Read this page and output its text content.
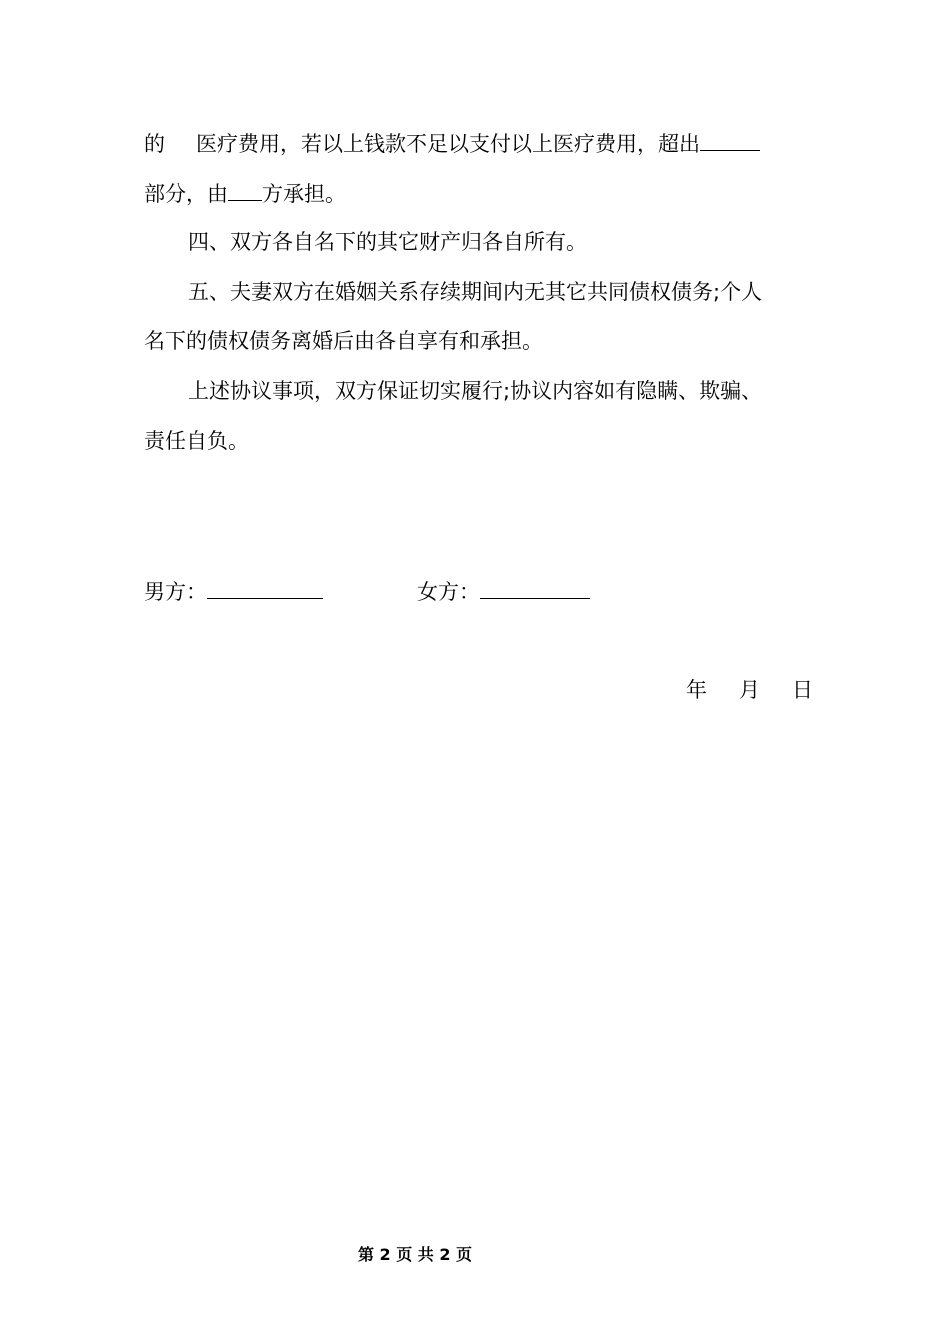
的 医疗费用，若以上钱款不足以支付以上医疗费用，超出
部分，由 方承担。
四、双方各自名下的其它财产归各自所有。
五、夫妻双方在婚姻关系存续期间内无其它共同债权债务;个人
名下的债权债务离婚后由各自享有和承担。
上述协议事项，双方保证切实履行;协议内容如有隐瞒、欺骗、
责任自负。
男方：	女方：
年 月 日
第 2 页 共 2 页
